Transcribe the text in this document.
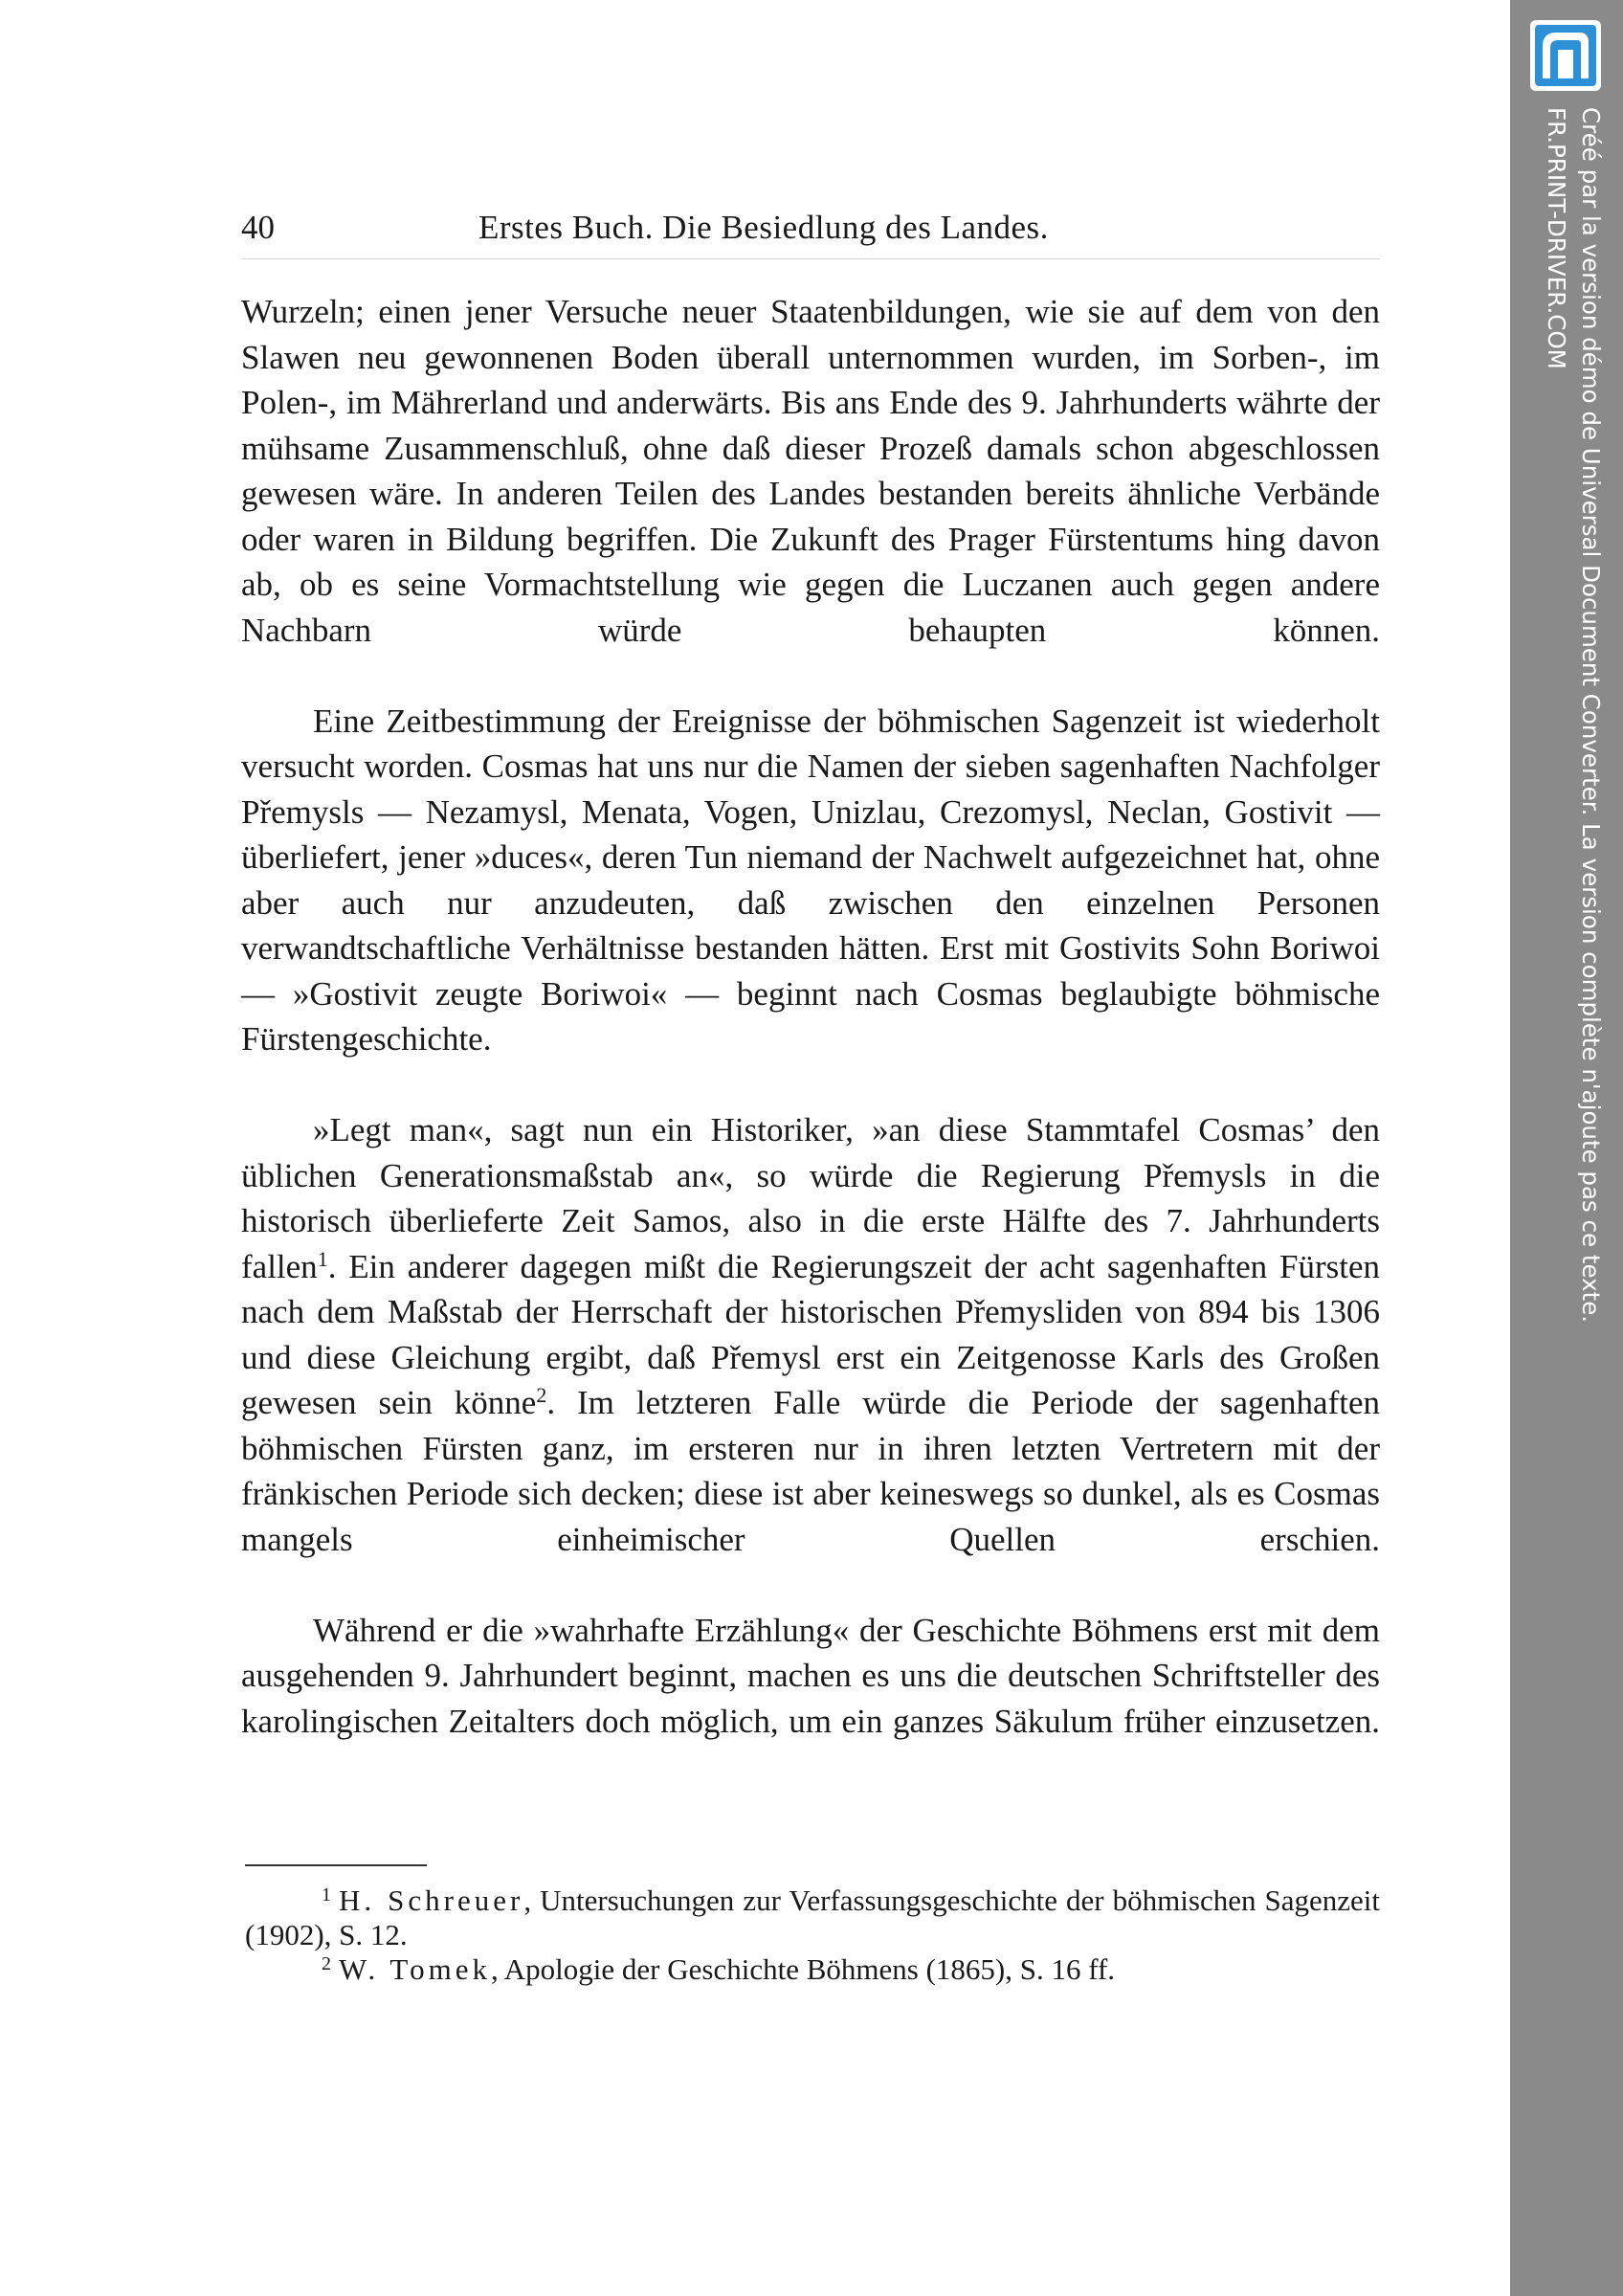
40	Erstes Buch. Die Besiedlung des Landes.

Wurzeln; einen jener Versuche neuer Staatenbildungen, wie sie auf dem von den Slawen neu gewonnenen Boden überall unternommen wurden, im Sorben-, im Polen-, im Mährerland und anderwärts. Bis ans Ende des 9. Jahrhunderts währte der mühsame Zusammenschluß, ohne daß dieser Prozeß damals schon abgeschlossen gewesen wäre. In anderen Teilen des Landes bestanden bereits ähnliche Verbände oder waren in Bildung begriffen. Die Zukunft des Prager Fürstentums hing davon ab, ob es seine Vormachtstellung wie gegen die Luczanen auch gegen andere Nachbarn würde behaupten können.

Eine Zeitbestimmung der Ereignisse der böhmischen Sagenzeit ist wiederholt versucht worden. Cosmas hat uns nur die Namen der sieben sagenhaften Nachfolger Přemysls — Nezamysl, Menata, Vogen, Unizlau, Crezomysl, Neclan, Gostivit — überliefert, jener »duces«, deren Tun niemand der Nachwelt aufgezeichnet hat, ohne aber auch nur anzudeuten, daß zwischen den einzelnen Personen verwandtschaftliche Verhältnisse bestanden hätten. Erst mit Gostivits Sohn Boriwoi — »Gostivit zeugte Boriwoi« — beginnt nach Cosmas beglaubigte böhmische Fürstengeschichte.

»Legt man«, sagt nun ein Historiker, »an diese Stammtafel Cosmas’ den üblichen Generationsmaßstab an«, so würde die Regierung Přemysls in die historisch überlieferte Zeit Samos, also in die erste Hälfte des 7. Jahrhunderts fallen$^1$. Ein anderer dagegen mißt die Regierungszeit der acht sagenhaften Fürsten nach dem Maßstab der Herrschaft der historischen Přemysliden von 894 bis 1306 und diese Gleichung ergibt, daß Přemysl erst ein Zeitgenosse Karls des Großen gewesen sein könne$^2$. Im letzteren Falle würde die Periode der sagenhaften böhmischen Fürsten ganz, im ersteren nur in ihren letzten Vertretern mit der fränkischen Periode sich decken; diese ist aber keineswegs so dunkel, als es Cosmas mangels einheimischer Quellen erschien.

Während er die »wahrhafte Erzählung« der Geschichte Böhmens erst mit dem ausgehenden 9. Jahrhundert beginnt, machen es uns die deutschen Schriftsteller des karolingischen Zeitalters doch möglich, um ein ganzes Säkulum früher einzusetzen.

$^1$ H. Schreuer, Untersuchungen zur Verfassungsgeschichte der böhmischen Sagenzeit (1902), S. 12.

$^2$ W. Tomek, Apologie der Geschichte Böhmens (1865), S. 16 ff.

Créé par la version démo de Universal Document Converter. La version complète n'ajoute pas ce texte.
FR.PRINT-DRIVER.COM
